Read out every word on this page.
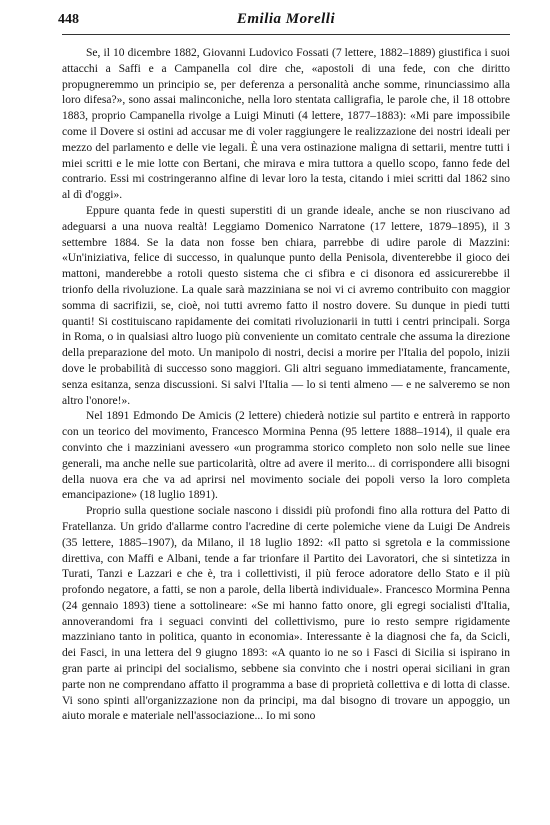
448	Emilia Morelli

Se, il 10 dicembre 1882, Giovanni Ludovico Fossati (7 lettere, 1882–1889) giustifica i suoi attacchi a Saffi e a Campanella col dire che, «apostoli di una fede, con che diritto propugneremmo un principio se, per deferenza a personalità anche somme, rinunciassimo alla loro difesa?», sono assai malinconiche, nella loro stentata calligrafia, le parole che, il 18 ottobre 1883, proprio Campanella rivolge a Luigi Minuti (4 lettere, 1877–1883): «Mi pare impossibile come il Dovere si ostini ad accusar me di voler raggiungere le realizzazione dei nostri ideali per mezzo del parlamento e delle vie legali. È una vera ostinazione maligna di settarii, mentre tutti i miei scritti e le mie lotte con Bertani, che mirava e mira tuttora a quello scopo, fanno fede del contrario. Essi mi costringeranno alfine di levar loro la testa, citando i miei scritti dal 1862 sino al dì d'oggi».

Eppure quanta fede in questi superstiti di un grande ideale, anche se non riuscivano ad adeguarsi a una nuova realtà! Leggiamo Domenico Narratone (17 lettere, 1879–1895), il 3 settembre 1884. Se la data non fosse ben chiara, parrebbe di udire parole di Mazzini: «Un'iniziativa, felice di successo, in qualunque punto della Penisola, diventerebbe il gioco dei mattoni, manderebbe a rotoli questo sistema che ci sfibra e ci disonora ed assicurerebbe il trionfo della rivoluzione. La quale sarà mazziniana se noi vi ci avremo contribuito con maggior somma di sacrifizii, se, cioè, noi tutti avremo fatto il nostro dovere. Su dunque in piedi tutti quanti! Si costituiscano rapidamente dei comitati rivoluzionarii in tutti i centri principali. Sorga in Roma, o in qualsiasi altro luogo più conveniente un comitato centrale che assuma la direzione della preparazione del moto. Un manipolo di nostri, decisi a morire per l'Italia del popolo, inizii dove le probabilità di successo sono maggiori. Gli altri seguano immediatamente, francamente, senza esitanza, senza discussioni. Si salvi l'Italia — lo si tenti almeno — e ne salveremo se non altro l'onore!».

Nel 1891 Edmondo De Amicis (2 lettere) chiederà notizie sul partito e entrerà in rapporto con un teorico del movimento, Francesco Mormina Penna (95 lettere 1888–1914), il quale era convinto che i mazziniani avessero «un programma storico completo non solo nelle sue linee generali, ma anche nelle sue particolarità, oltre ad avere il merito... di corrispondere alli bisogni della nuova era che va ad aprirsi nel movimento sociale dei popoli verso la loro completa emancipazione» (18 luglio 1891).

Proprio sulla questione sociale nascono i dissidi più profondi fino alla rottura del Patto di Fratellanza. Un grido d'allarme contro l'acredine di certe polemiche viene da Luigi De Andreis (35 lettere, 1885–1907), da Milano, il 18 luglio 1892: «Il patto si sgretola e la commissione direttiva, con Maffi e Albani, tende a far trionfare il Partito dei Lavoratori, che si sintetizza in Turati, Tanzi e Lazzari e che è, tra i collettivisti, il più feroce adoratore dello Stato e il più profondo negatore, a fatti, se non a parole, della libertà individuale». Francesco Mormina Penna (24 gennaio 1893) tiene a sottolineare: «Se mi hanno fatto onore, gli egregi socialisti d'Italia, annoverandomi fra i seguaci convinti del collettivismo, pure io resto sempre rigidamente mazziniano tanto in politica, quanto in economia». Interessante è la diagnosi che fa, da Scicli, dei Fasci, in una lettera del 9 giugno 1893: «A quanto io ne so i Fasci di Sicilia si ispirano in gran parte ai principi del socialismo, sebbene sia convinto che i nostri operai siciliani in gran parte non ne comprendano affatto il programma a base di proprietà collettiva e di lotta di classe. Vi sono spinti all'organizzazione non da principi, ma dal bisogno di trovare un appoggio, un aiuto morale e materiale nell'associazione... Io mi sono
